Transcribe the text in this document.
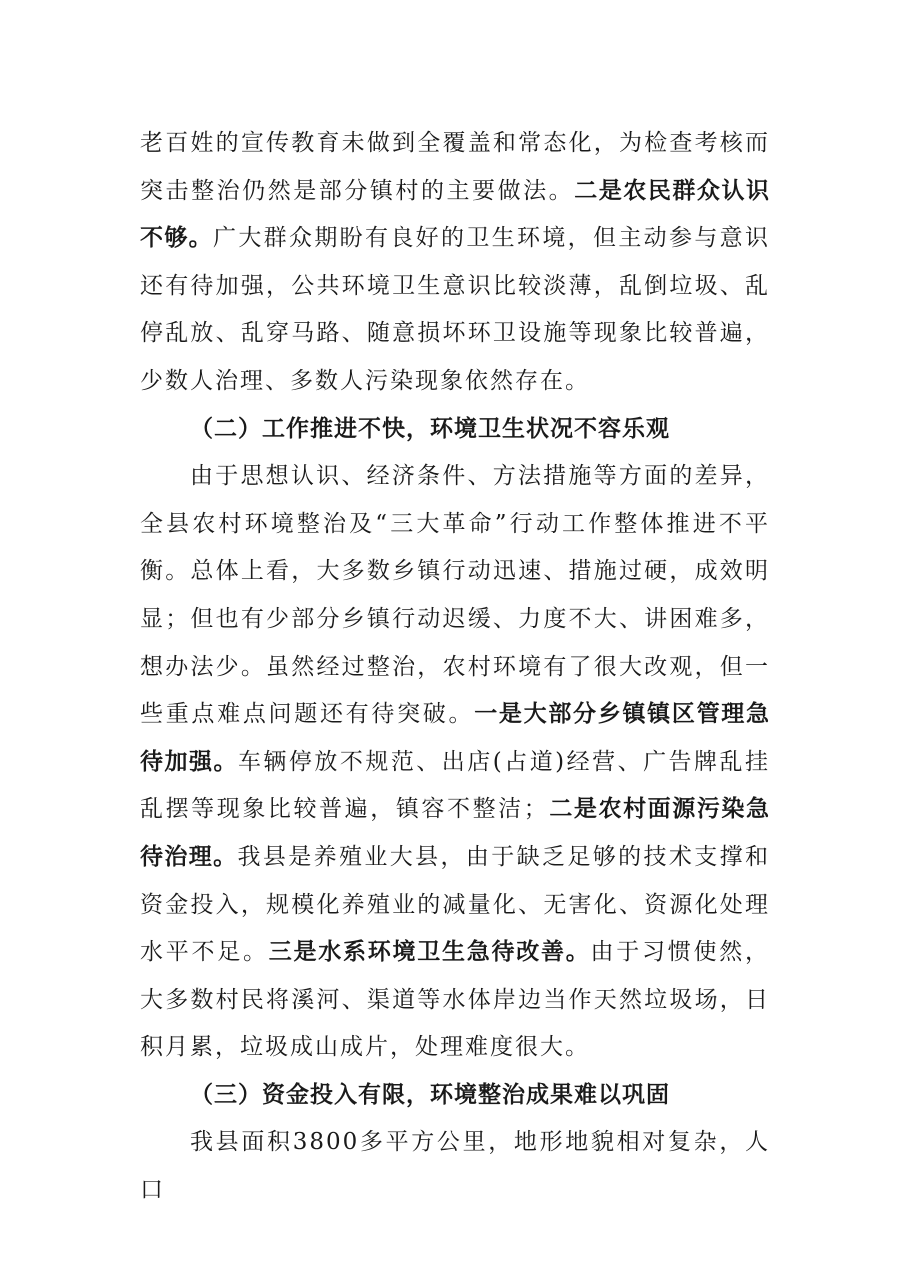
老百姓的宣传教育未做到全覆盖和常态化，为检查考核而突击整治仍然是部分镇村的主要做法。二是农民群众认识不够。广大群众期盼有良好的卫生环境，但主动参与意识还有待加强，公共环境卫生意识比较淡薄，乱倒垃圾、乱停乱放、乱穿马路、随意损坏环卫设施等现象比较普遍，少数人治理、多数人污染现象依然存在。

（二）工作推进不快，环境卫生状况不容乐观

由于思想认识、经济条件、方法措施等方面的差异，全县农村环境整治及“三大革命”行动工作整体推进不平衡。总体上看，大多数乡镇行动迅速、措施过硬，成效明显；但也有少部分乡镇行动迟缓、力度不大、讲困难多，想办法少。虽然经过整治，农村环境有了很大改观，但一些重点难点问题还有待突破。一是大部分乡镇镇区管理急待加强。车辆停放不规范、出店(占道)经营、广告牌乱挂乱摆等现象比较普遍，镇容不整洁；二是农村面源污染急待治理。我县是养殖业大县，由于缺乏足够的技术支撑和资金投入，规模化养殖业的减量化、无害化、资源化处理水平不足。三是水系环境卫生急待改善。由于习惯使然，大多数村民将溪河、渠道等水体岸边当作天然垃圾场，日积月累，垃圾成山成片，处理难度很大。

（三）资金投入有限，环境整治成果难以巩固

我县面积3800多平方公里，地形地貌相对复杂，人口
